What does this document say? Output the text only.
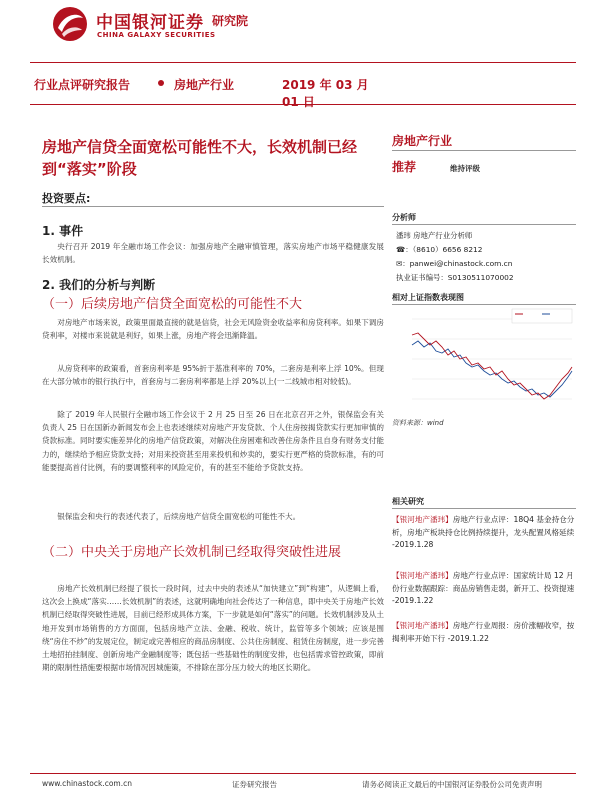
中国银河证券
CHINA GALAXY SECURITIES
研究院
行业点评研究报告	房地产行业	2019 年 03 月 01 日
房地产信贷全面宽松可能性不大，长效机制已经到“落实”阶段
投资要点:
1. 事件
央行召开 2019 年全融市场工作会议：加强房地产全融审慎管理，落实房地产市场平稳健康发展长效机制。
2. 我们的分析与判断
（一）后续房地产信贷全面宽松的可能性不大
对房地产市场来说，政策里面最直接的就是信贷，社会无风险资金收益率和房贷利率。如果下调房贷利率，对楼市来说就是利好，如果上涨，房地产将会迅渐降温。
从房贷利率的政策看，首套房利率是 95%折于基准利率的 70%，二套房是利率上浮 10%。但现在大部分城市的银行执行中，首套房与二套房利率都是上浮 20%以上(一二线城市相对较低)。
除了 2019 年人民银行全融市场工作会议于 2 月 25 日至 26 日在北京召开之外，银保监会有关负责人 25 日在国新办新闻发布会上也表述继续对房地产开发贷款、个人住房按揭贷款实行更加审慎的贷款标准。同时要实施差异化的房地产信贷政策，对解决住房困难和改善住房条件且自身有财务支付能力的，继续给予相应贷款支持；对用来投资甚至用来投机和炒卖的，要实行更严格的贷款标准，有的可能要提高首付比例，有的要调整利率的风险定价，有的甚至不能给予贷款支持。
银保监会和央行的表述代表了，后续房地产信贷全面宽松的可能性不大。
（二）中央关于房地产长效机制已经取得突破性进展
房地产长效机制已经提了很长一段时间，过去中央的表述从“加快建立”到“构建”，从逻辑上看，这次会上换成“落实……长效机制”的表述，这就明确地向社会传达了一种信息，即中央关于房地产长效机制已经取得突破性进展，目前已经形成具体方案，下一步就是如何“落实”的问题。长效机制涉及从土地开发到市场销售的方方面面，包括房地产立法、金融、税收、统计，监管等多个领域；应该是围绕“房住不炒”的发展定位，制定或完善相应的商品房制度、公共住房制度、租赁住房制度，进一步完善土地招拍挂制度、创新房地产金融制度等；既包括一些基础性的制度安排，也包括需求管控政策，即前期的限制性措施要根据市场情况因城施策，不排除在部分压力较大的地区长期化。
房地产行业
推荐	维持评级
分析师
潘玮 房地产行业分析师
☎：（8610）6656 8212
✉：panwei@chinastock.com.cn
执业证书编号：S0130511070002
相对上证指数表现图
资料来源：wind
相关研究
【银河地产潘玮】房地产行业点评：18Q4 基金持仓分析，房地产板块持仓比例持续提升，龙头配置风格延续 -2019.1.28
【银河地产潘玮】房地产行业点评：国家统计局 12 月份行业数据跟踪：商品房销售走弱，新开工、投资提速 -2019.1.22
【银河地产潘玮】房地产行业周报：房价涨幅收窄，按揭利率开始下行 -2019.1.22
www.chinastock.com.cn	证券研究报告	请务必阅读正文最后的中国银河证券股份公司免责声明
